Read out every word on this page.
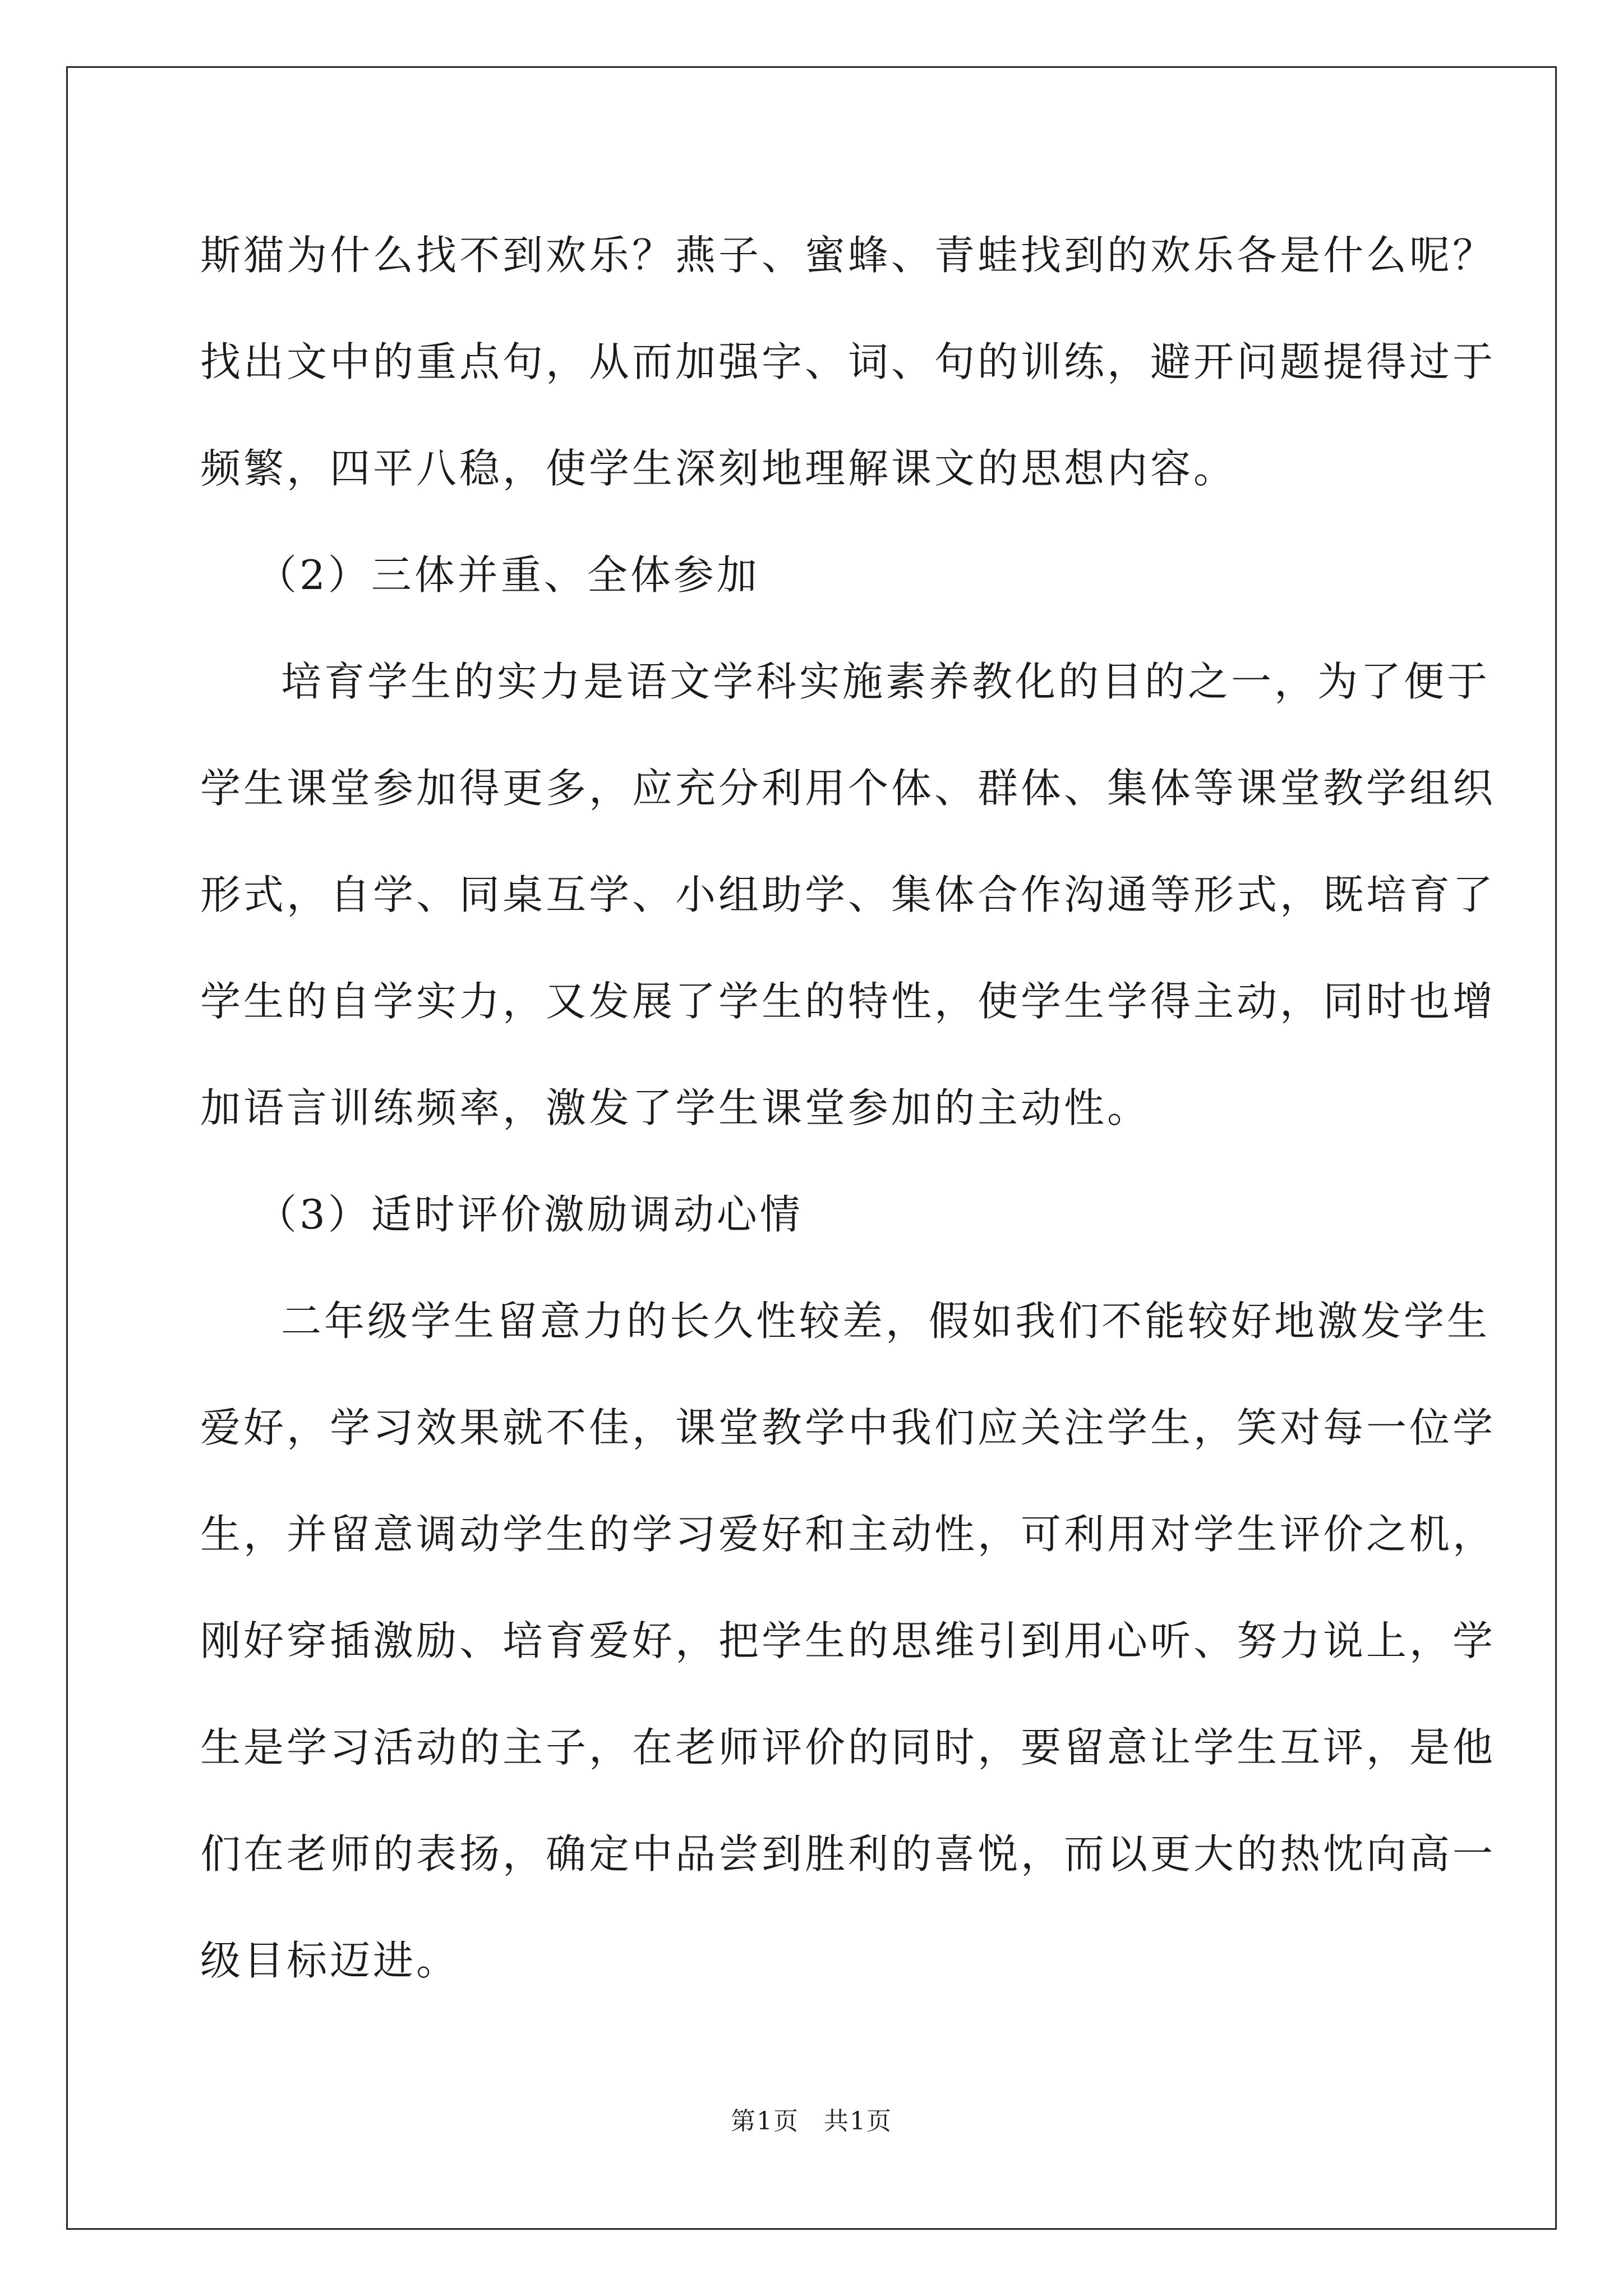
斯猫为什么找不到欢乐？燕子、蜜蜂、青蛙找到的欢乐各是什么呢？

找出文中的重点句，从而加强字、词、句的训练，避开问题提得过于

频繁，四平八稳，使学生深刻地理解课文的思想内容。

（2）三体并重、全体参加

培育学生的实力是语文学科实施素养教化的目的之一，为了便于

学生课堂参加得更多，应充分利用个体、群体、集体等课堂教学组织

形式，自学、同桌互学、小组助学、集体合作沟通等形式，既培育了

学生的自学实力，又发展了学生的特性，使学生学得主动，同时也增

加语言训练频率，激发了学生课堂参加的主动性。

（3）适时评价激励调动心情

二年级学生留意力的长久性较差，假如我们不能较好地激发学生

爱好，学习效果就不佳，课堂教学中我们应关注学生，笑对每一位学

生，并留意调动学生的学习爱好和主动性，可利用对学生评价之机，

刚好穿插激励、培育爱好，把学生的思维引到用心听、努力说上，学

生是学习活动的主子，在老师评价的同时，要留意让学生互评，是他

们在老师的表扬，确定中品尝到胜利的喜悦，而以更大的热忱向高一

级目标迈进。

第1页 共1页
